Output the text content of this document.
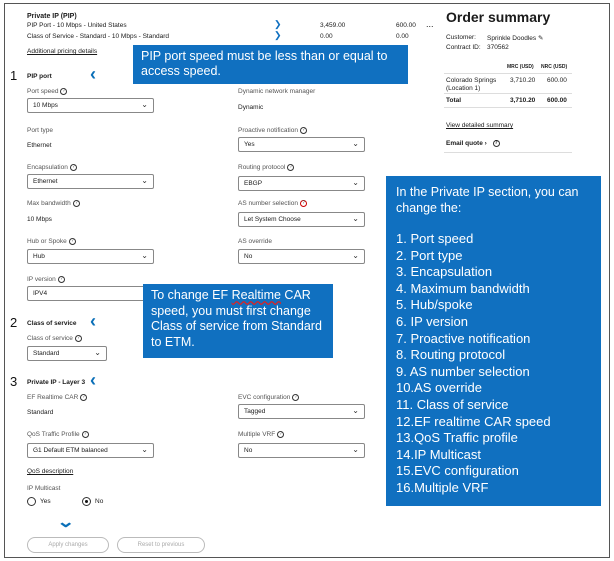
Private IP (PIP)
PIP Port - 10 Mbps - United States	❯	3,459.00	600.00 ...
Class of Service - Standard - 10 Mbps - Standard	❯	0.00	0.00
Additional pricing details
1 PIP port ‹
Port speed ?
10 Mbps	⌄
Dynamic network manager
Dynamic
Port type
Ethernet
Proactive notification ?
Yes	⌄
Encapsulation ?
Ethernet	⌄
Routing protocol ?
EBGP	⌄
Max bandwidth ?
10 Mbps
AS number selection ?
Let System Choose	⌄
Hub or Spoke ?
Hub	⌄
AS override
No	⌄
IP version ?
IPV4
2 Class of service ‹
Class of service ?
Standard	⌄
3 Private IP - Layer 3 ‹
EF Realtime CAR ?
Standard
EVC configuration ?
Tagged	⌄
QoS Traffic Profile ?
G1 Default ETM balanced	⌄
Multiple VRF ?
No	⌄
QoS description
IP Multicast
Yes	No
⌄
Apply changes	Reset to previous
Order summary
Customer: Sprinkle Doodles ✎
Contract ID: 370562
MRC (USD) NRC (USD)
Colorado Springs (Location 1)
3,710.20 600.00
Total	3,710.20 600.00
View detailed summary
Email quote › ?
PIP port speed must be less than or equal to access speed.
To change EF Realtime CAR speed, you must first change Class of service from Standard to ETM.
In the Private IP section, you can change the:
1. Port speed
2. Port type
3. Encapsulation
4. Maximum bandwidth
5. Hub/spoke
6. IP version
7. Proactive notification
8. Routing protocol
9. AS number selection
10.AS override
11. Class of service
12.EF realtime CAR speed
13.QoS Traffic profile
14.IP Multicast
15.EVC configuration
16.Multiple VRF
